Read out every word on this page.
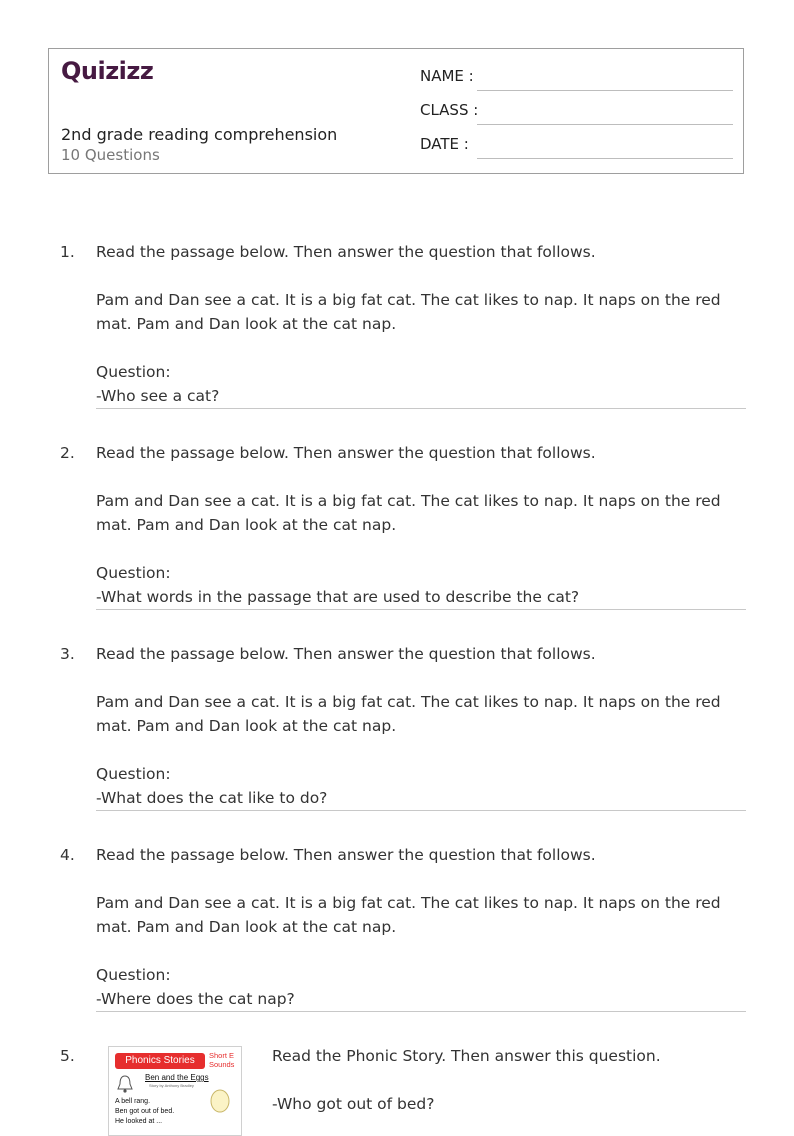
Quizizz
2nd grade reading comprehension
10 Questions
NAME :
CLASS :
DATE :
1. Read the passage below. Then answer the question that follows.

Pam and Dan see a cat. It is a big fat cat. The cat likes to nap. It naps on the red mat. Pam and Dan look at the cat nap.

Question:

-Who see a cat?

2. Read the passage below. Then answer the question that follows.

Pam and Dan see a cat. It is a big fat cat. The cat likes to nap. It naps on the red mat. Pam and Dan look at the cat nap.

Question:

-What words in the passage that are used to describe the cat?

3. Read the passage below. Then answer the question that follows.

Pam and Dan see a cat. It is a big fat cat. The cat likes to nap. It naps on the red mat. Pam and Dan look at the cat nap.

Question:

-What does the cat like to do?

4. Read the passage below. Then answer the question that follows.

Pam and Dan see a cat. It is a big fat cat. The cat likes to nap. It naps on the red mat. Pam and Dan look at the cat nap.

Question:

-Where does the cat nap?

5.	Phonics Stories	Short E Sounds
Ben and the Eggs
Story by Anthony Bradley
A bell rang.
Ben got out of bed.
He looked at ...

Read the Phonic Story. Then answer this question.

-Who got out of bed?
